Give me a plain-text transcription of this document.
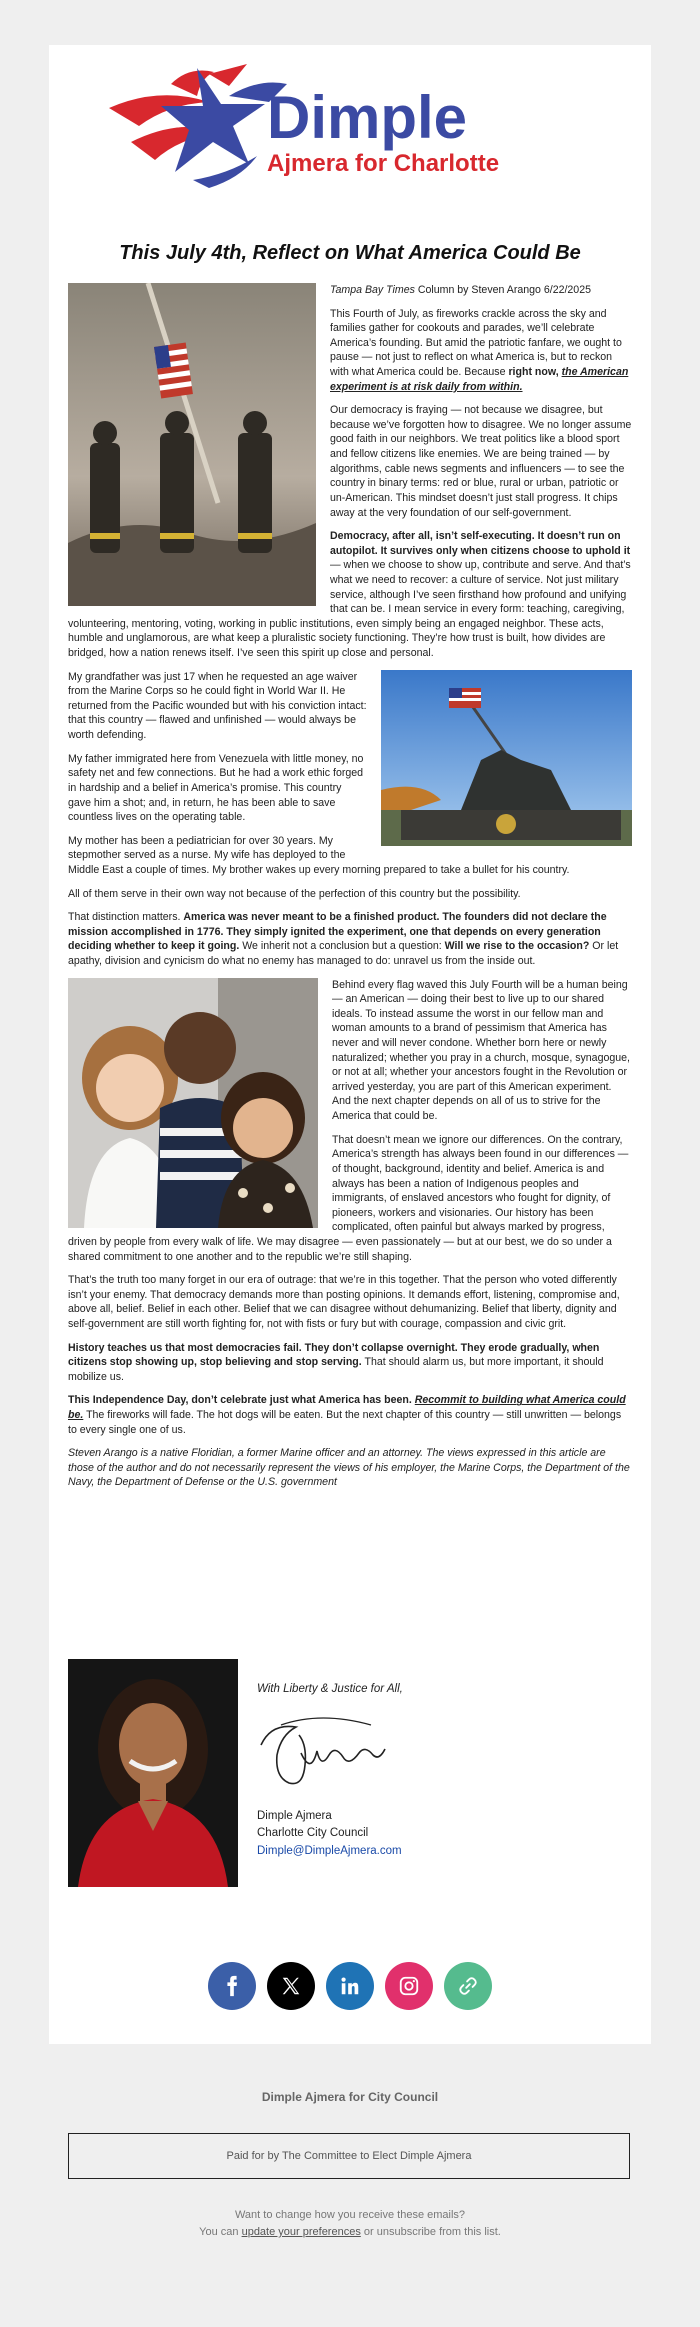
Dimple
Ajmera for Charlotte
This July 4th, Reflect on What America Could Be

Tampa Bay Times Column by Steven Arango 6/22/2025

This Fourth of July, as fireworks crackle across the sky and families gather for cookouts and parades, we’ll celebrate America’s founding. But amid the patriotic fanfare, we ought to pause — not just to reflect on what America is, but to reckon with what America could be. Because right now, the American experiment is at risk daily from within.

Our democracy is fraying — not because we disagree, but because we’ve forgotten how to disagree. We no longer assume good faith in our neighbors. We treat politics like a blood sport and fellow citizens like enemies. We are being trained — by algorithms, cable news segments and influencers — to see the country in binary terms: red or blue, rural or urban, patriotic or un-American. This mindset doesn’t just stall progress. It chips away at the very foundation of our self-government.

Democracy, after all, isn’t self-executing. It doesn’t run on autopilot. It survives only when citizens choose to uphold it — when we choose to show up, contribute and serve. And that’s what we need to recover: a culture of service. Not just military service, although I’ve seen firsthand how profound and unifying that can be. I mean service in every form: teaching, caregiving, volunteering, mentoring, voting, working in public institutions, even simply being an engaged neighbor. These acts, humble and unglamorous, are what keep a pluralistic society functioning. They’re how trust is built, how divides are bridged, how a nation renews itself. I’ve seen this spirit up close and personal.

My grandfather was just 17 when he requested an age waiver from the Marine Corps so he could fight in World War II. He returned from the Pacific wounded but with his conviction intact: that this country — flawed and unfinished — would always be worth defending.

My father immigrated here from Venezuela with little money, no safety net and few connections. But he had a work ethic forged in hardship and a belief in America’s promise. This country gave him a shot; and, in return, he has been able to save countless lives on the operating table.

My mother has been a pediatrician for over 30 years. My stepmother served as a nurse. My wife has deployed to the Middle East a couple of times. My brother wakes up every morning prepared to take a bullet for his country.

All of them serve in their own way not because of the perfection of this country but the possibility.

That distinction matters. America was never meant to be a finished product. The founders did not declare the mission accomplished in 1776. They simply ignited the experiment, one that depends on every generation deciding whether to keep it going. We inherit not a conclusion but a question: Will we rise to the occasion? Or let apathy, division and cynicism do what no enemy has managed to do: unravel us from the inside out.

Behind every flag waved this July Fourth will be a human being — an American — doing their best to live up to our shared ideals. To instead assume the worst in our fellow man and woman amounts to a brand of pessimism that America has never and will never condone. Whether born here or newly naturalized; whether you pray in a church, mosque, synagogue, or not at all; whether your ancestors fought in the Revolution or arrived yesterday, you are part of this American experiment. And the next chapter depends on all of us to strive for the America that could be.

That doesn’t mean we ignore our differences. On the contrary, America’s strength has always been found in our differences — of thought, background, identity and belief. America is and always has been a nation of Indigenous peoples and immigrants, of enslaved ancestors who fought for dignity, of pioneers, workers and visionaries. Our history has been complicated, often painful but always marked by progress, driven by people from every walk of life. We may disagree — even passionately — but at our best, we do so under a shared commitment to one another and to the republic we’re still shaping.

That’s the truth too many forget in our era of outrage: that we’re in this together. That the person who voted differently isn’t your enemy. That democracy demands more than posting opinions. It demands effort, listening, compromise and, above all, belief. Belief in each other. Belief that we can disagree without dehumanizing. Belief that liberty, dignity and self-government are still worth fighting for, not with fists or fury but with courage, compassion and civic grit.

History teaches us that most democracies fail. They don’t collapse overnight. They erode gradually, when citizens stop showing up, stop believing and stop serving. That should alarm us, but more important, it should mobilize us.

This Independence Day, don’t celebrate just what America has been. Recommit to building what America could be. The fireworks will fade. The hot dogs will be eaten. But the next chapter of this country — still unwritten — belongs to every single one of us.

Steven Arango is a native Floridian, a former Marine officer and an attorney. The views expressed in this article are those of the author and do not necessarily represent the views of his employer, the Marine Corps, the Department of the Navy, the Department of Defense or the U.S. government

With Liberty & Justice for All,
Dimple Ajmera
Charlotte City Council
Dimple@DimpleAjmera.com
Dimple Ajmera for City Council
Paid for by The Committee to Elect Dimple Ajmera
Want to change how you receive these emails?
You can update your preferences or unsubscribe from this list.
